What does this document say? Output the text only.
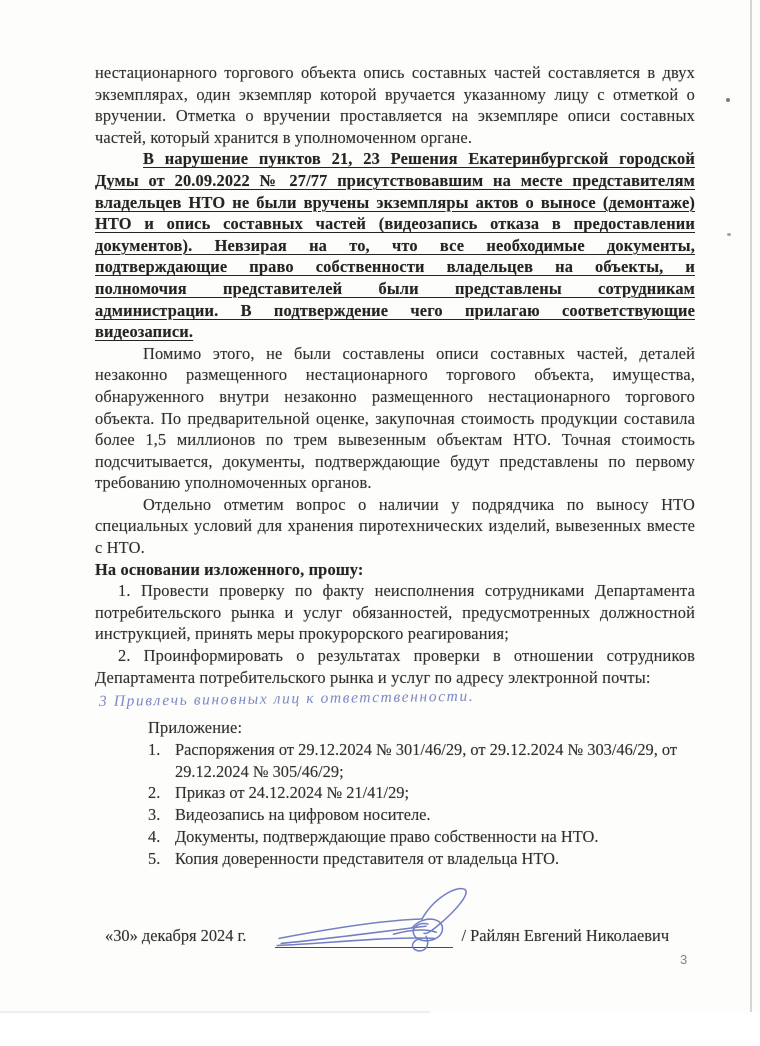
нестационарного торгового объекта опись составных частей составляется в двух экземплярах, один экземпляр которой вручается указанному лицу с отметкой о вручении. Отметка о вручении проставляется на экземпляре описи составных частей, который хранится в уполномоченном органе.

В нарушение пунктов 21, 23 Решения Екатеринбургской городской Думы от 20.09.2022 № 27/77 присутствовавшим на месте представителям владельцев НТО не были вручены экземпляры актов о выносе (демонтаже) НТО и опись составных частей (видеозапись отказа в предоставлении документов). Невзирая на то, что все необходимые документы, подтверждающие право собственности владельцев на объекты, и полномочия представителей были представлены сотрудникам администрации. В подтверждение чего прилагаю соответствующие видеозаписи.

Помимо этого, не были составлены описи составных частей, деталей незаконно размещенного нестационарного торгового объекта, имущества, обнаруженного внутри незаконно размещенного нестационарного торгового объекта. По предварительной оценке, закупочная стоимость продукции составила более 1,5 миллионов по трем вывезенным объектам НТО. Точная стоимость подсчитывается, документы, подтверждающие будут представлены по первому требованию уполномоченных органов.

Отдельно отметим вопрос о наличии у подрядчика по выносу НТО специальных условий для хранения пиротехнических изделий, вывезенных вместе с НТО.

На основании изложенного, прошу:

1. Провести проверку по факту неисполнения сотрудниками Департамента потребительского рынка и услуг обязанностей, предусмотренных должностной инструкцией, принять меры прокурорского реагирования;

2. Проинформировать о результатах проверки в отношении сотрудников Департамента потребительского рынка и услуг по адресу электронной почты:

3 Привлечь виновных лиц к ответственности.

Приложение:

1. Распоряжения от 29.12.2024 № 301/46/29, от 29.12.2024 № 303/46/29, от 29.12.2024 № 305/46/29;
2. Приказ от 24.12.2024 № 21/41/29;
3. Видеозапись на цифровом носителе.
4. Документы, подтверждающие право собственности на НТО.
5. Копия доверенности представителя от владельца НТО.
«30» декабря 2024 г.	/ Райлян Евгений Николаевич
3
